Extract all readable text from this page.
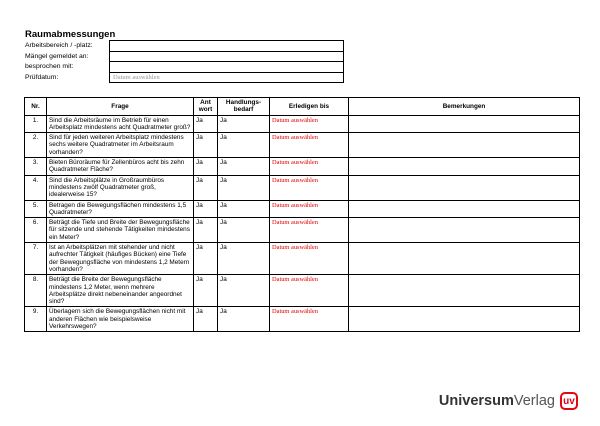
Raumabmessungen
Arbeitsbereich / -platz:	
Mängel gemeldet an:	
besprochen mit:	
Prüfdatum:	Datum auswählen
Nr.	Frage	Ant wort	Handlungs-bedarf	Erledigen bis	Bemerkungen
1.	Sind die Arbeitsräume im Betrieb für einen Arbeitsplatz mindestens acht Quadratmeter groß?	Ja	Ja	Datum auswählen	
2.	Sind für jeden weiteren Arbeitsplatz mindestens sechs weitere Quadratmeter im Arbeitsraum vorhanden?	Ja	Ja	Datum auswählen	
3.	Bieten Büroräume für Zellenbüros acht bis zehn Quadratmeter Fläche?	Ja	Ja	Datum auswählen	
4.	Sind die Arbeitsplätze in Großraumbüros mindestens zwölf Quadratmeter groß, idealerweise 15?	Ja	Ja	Datum auswählen	
5.	Betragen die Bewegungsflächen mindestens 1,5 Quadratmeter?	Ja	Ja	Datum auswählen	
6.	Beträgt die Tiefe und Breite der Bewegungsfläche für sitzende und stehende Tätigkeiten mindestens ein Meter?	Ja	Ja	Datum auswählen	
7.	Ist an Arbeitsplätzen mit stehender und nicht aufrechter Tätigkeit (häufiges Bücken) eine Tiefe der Bewegungsfläche von mindestens 1,2 Metern vorhanden?	Ja	Ja	Datum auswählen	
8.	Beträgt die Breite der Bewegungsfläche mindestens 1,2 Meter, wenn mehrere Arbeitsplätze direkt nebeneinander angeordnet sind?	Ja	Ja	Datum auswählen	
9.	Überlagern sich die Bewegungsflächen nicht mit anderen Flächen wie beispielsweise Verkehrswegen?	Ja	Ja	Datum auswählen	
Universum Verlag uv
